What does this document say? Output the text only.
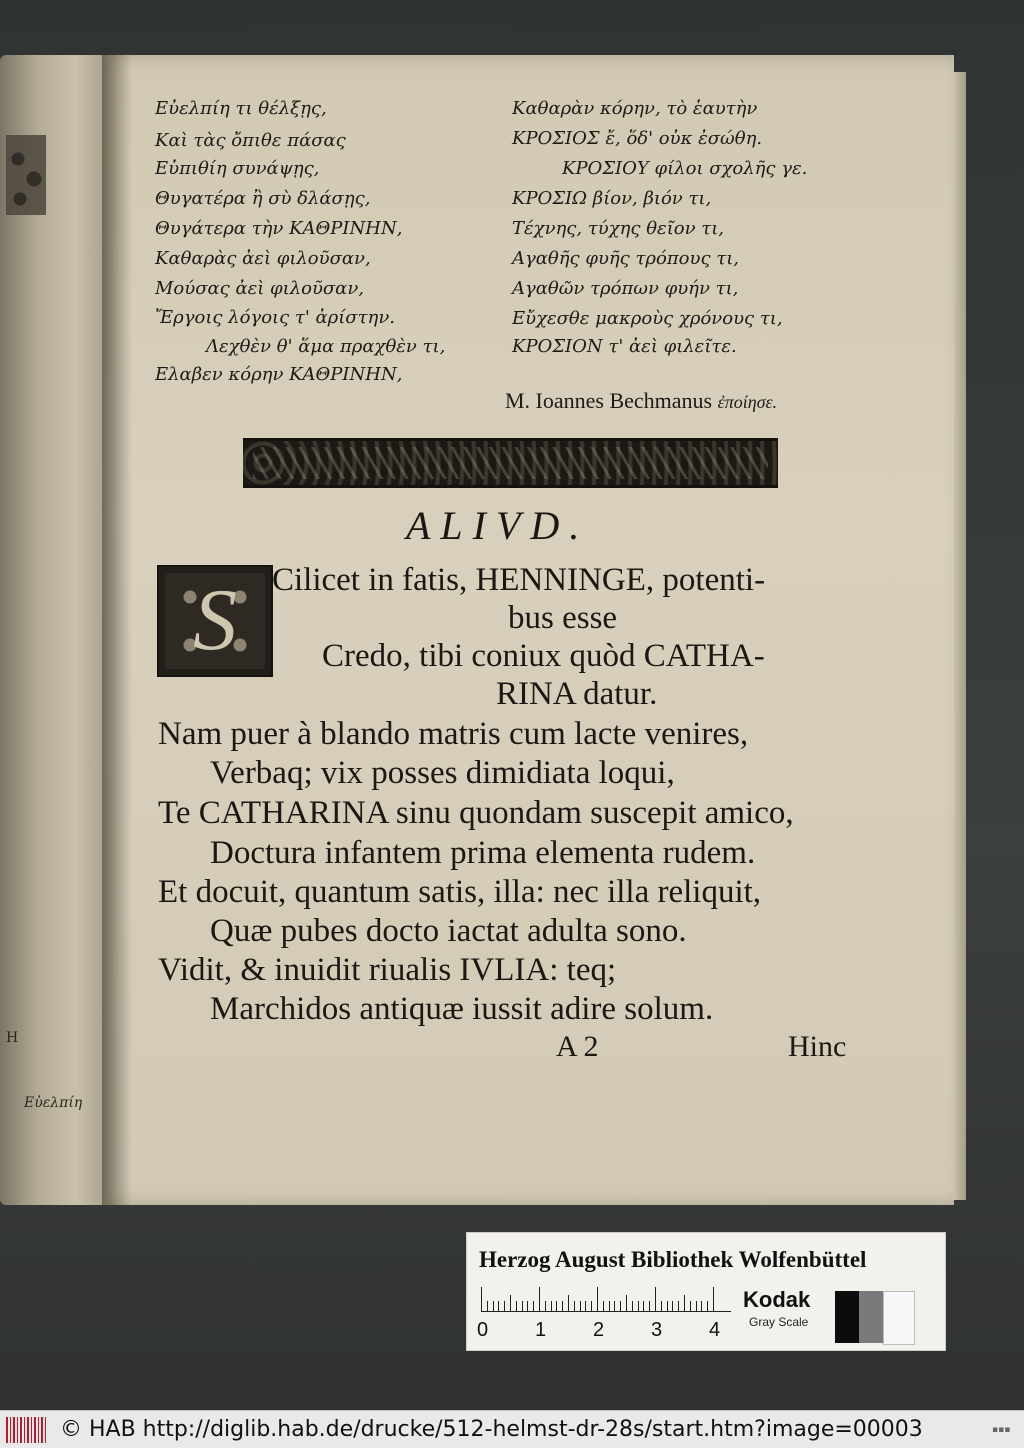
H
Εὐελπίη
Εὐελπίη τι θέλξῃς,
Καὶ τὰς ὄπιθε πάσας
Εὐπιθίη συνάψῃς,
Θυγατέρα ἢ σὺ δλάσῃς,
Θυγάτερα τὴν ΚΑΘΡΙΝΗΝ,
Καθαρὰς ἀεὶ φιλοῦσαν,
Μούσας ἀεὶ φιλοῦσαν,
Ἔργοις λόγοις τ' ἀρίστην.
Λεχθὲν θ' ἅμα πραχθὲν τι,
Ελαβεν κόρην ΚΑΘΡΙΝΗΝ,
Καθαρὰν κόρην, τὸ ἑαυτὴν
ΚΡΟΣΙΟΣ ἔ, ὅδ' οὐκ ἐσώθη.
ΚΡΟΣΙΟΥ φίλοι σχολῆς γε.
ΚΡΟΣΙΩ βίον, βιόν τι,
Τέχνης, τύχης θεῖον τι,
Αγαθῆς φυῆς τρόπους τι,
Αγαθῶν τρόπων φυήν τι,
Εὔχεσθε μακροὺς χρόνους τι,
ΚΡΟΣΙΟΝ τ' ἀεὶ φιλεῖτε.
M. Ioannes Bechmanus ἐποίησε.
ALIVD.
S	Cilicet in fatis, HENNINGE, potenti-
bus esse
Credo, tibi coniux quòd CATHA-
RINA datur.
Nam puer à blando matris cum lacte venires,
Verbaq; vix posses dimidiata loqui,
Te CATHARINA sinu quondam suscepit amico,
Doctura infantem prima elementa rudem.
Et docuit, quantum satis, illa: nec illa reliquit,
Quæ pubes docto iactat adulta sono.
Vidit, & inuidit riualis IVLIA: teq;
Marchidos antiquæ iussit adire solum.
A 2	Hinc
Herzog August Bibliothek Wolfenbüttel
0 1 2 3 4
Kodak
Gray Scale
© HAB http://diglib.hab.de/drucke/512-helmst-dr-28s/start.htm?image=00003	▪▪▪
